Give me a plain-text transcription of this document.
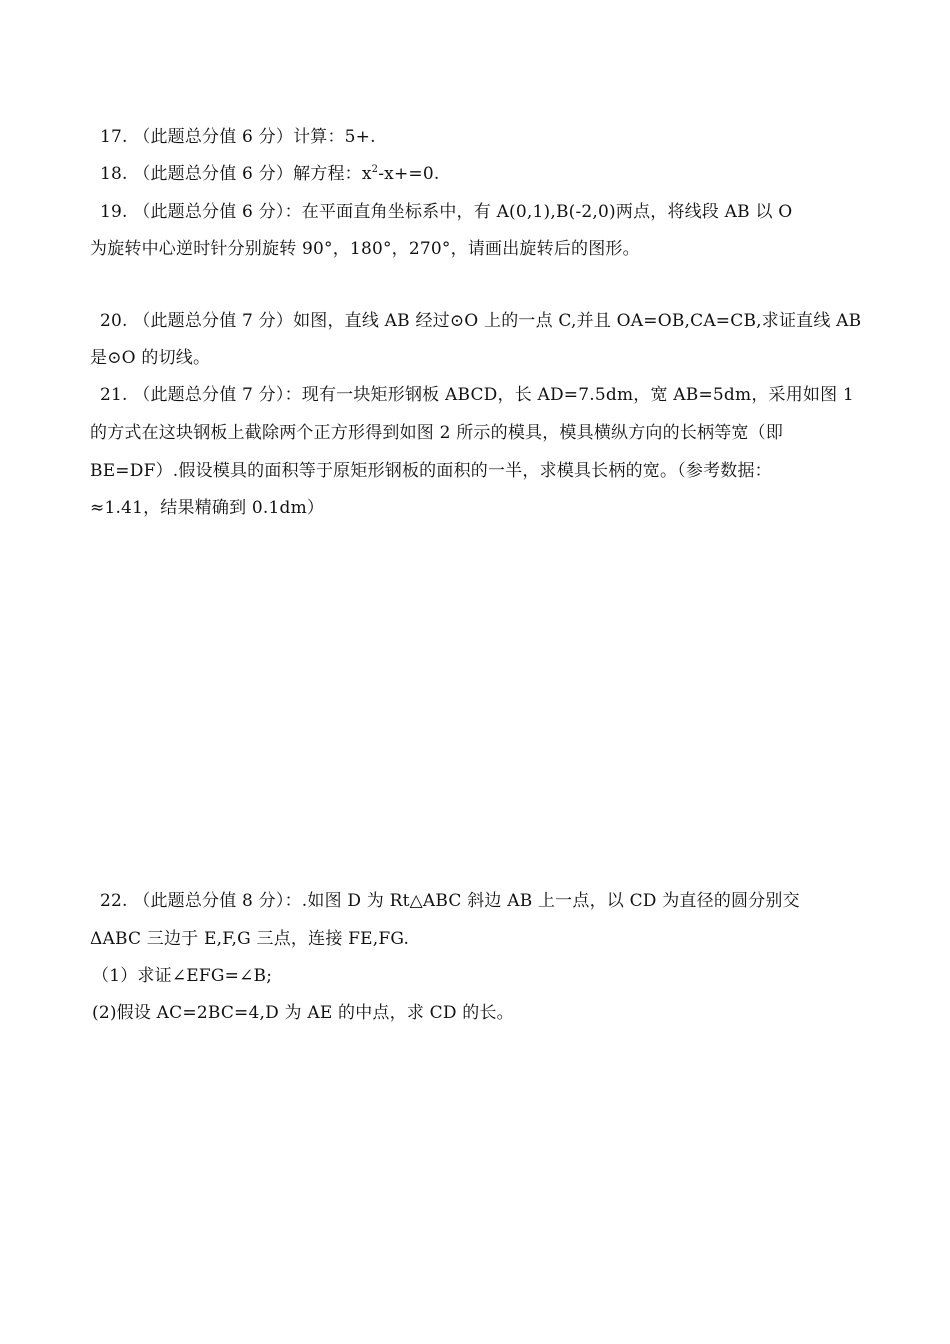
17. （此题总分值 6 分）计算：5+.
18. （此题总分值 6 分）解方程：$x^2-x+=0$.
19. （此题总分值 6 分）：在平面直角坐标系中，有 A(0,1),B(-2,0)两点，将线段 AB 以 O
为旋转中心逆时针分别旋转 90°，180°，270°，请画出旋转后的图形。
20. （此题总分值 7 分）如图，直线 AB 经过⊙O 上的一点 C,并且 OA=OB,CA=CB,求证直线 AB
是⊙O 的切线。
21. （此题总分值 7 分）：现有一块矩形钢板 ABCD，长 AD=7.5dm，宽 AB=5dm，采用如图 1
的方式在这块钢板上截除两个正方形得到如图 2 所示的模具，模具横纵方向的长柄等宽（即
BE=DF）.假设模具的面积等于原矩形钢板的面积的一半，求模具长柄的宽。（参考数据：
≈1.41，结果精确到 0.1dm）
22. （此题总分值 8 分）：.如图 D 为 Rt△ABC 斜边 AB 上一点，以 CD 为直径的圆分别交
ΔABC 三边于 E,F,G 三点，连接 FE,FG.
（1）求证∠EFG=∠B;
(2)假设 AC=2BC=4,D 为 AE 的中点，求 CD 的长。
